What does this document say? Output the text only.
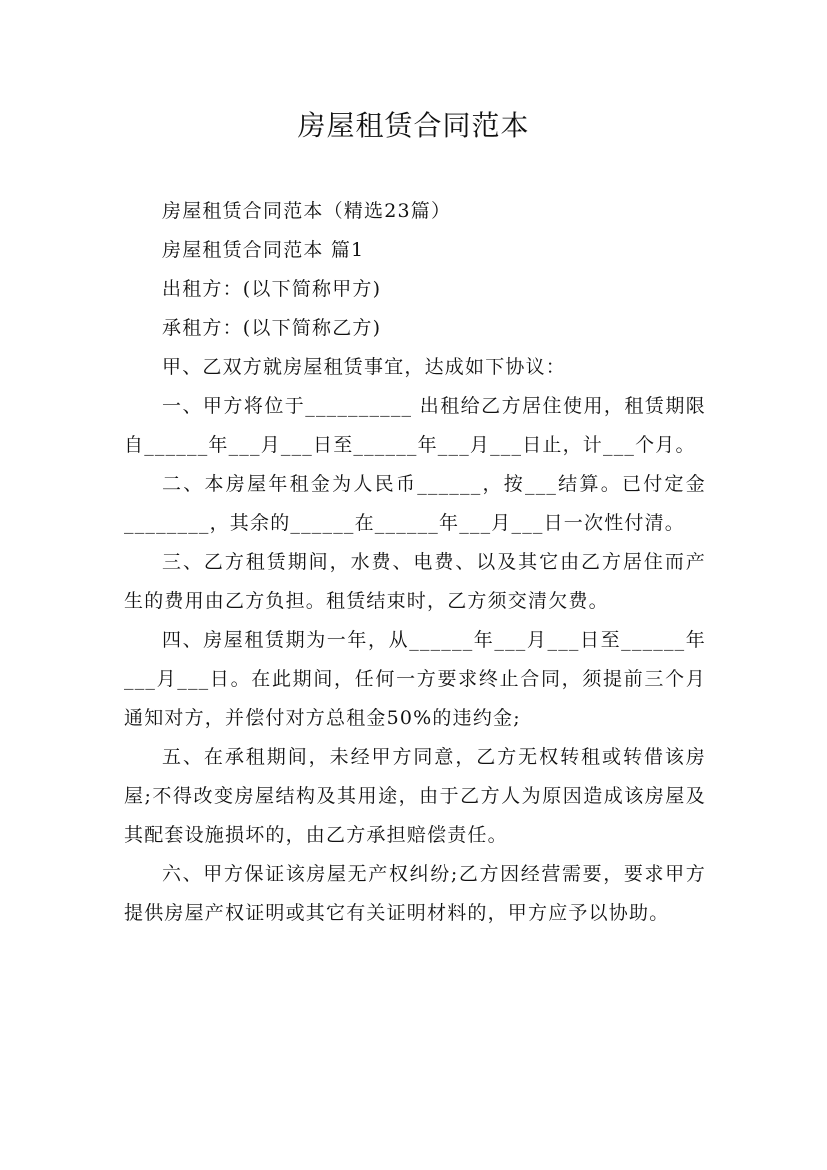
房屋租赁合同范本

房屋租赁合同范本（精选23篇）

房屋租赁合同范本 篇1

出租方：(以下简称甲方)

承租方：(以下简称乙方)

甲、乙双方就房屋租赁事宜，达成如下协议：

一、甲方将位于__________ 出租给乙方居住使用，租赁期限自______年___月___日至______年___月___日止，计___个月。

二、本房屋年租金为人民币______，按___结算。已付定金________，其余的______在______年___月___日一次性付清。

三、乙方租赁期间，水费、电费、以及其它由乙方居住而产生的费用由乙方负担。租赁结束时，乙方须交清欠费。

四、房屋租赁期为一年，从______年___月___日至______年___月___日。在此期间，任何一方要求终止合同，须提前三个月通知对方，并偿付对方总租金50%的违约金;

五、在承租期间，未经甲方同意，乙方无权转租或转借该房屋;不得改变房屋结构及其用途，由于乙方人为原因造成该房屋及其配套设施损坏的，由乙方承担赔偿责任。

六、甲方保证该房屋无产权纠纷;乙方因经营需要，要求甲方提供房屋产权证明或其它有关证明材料的，甲方应予以协助。
